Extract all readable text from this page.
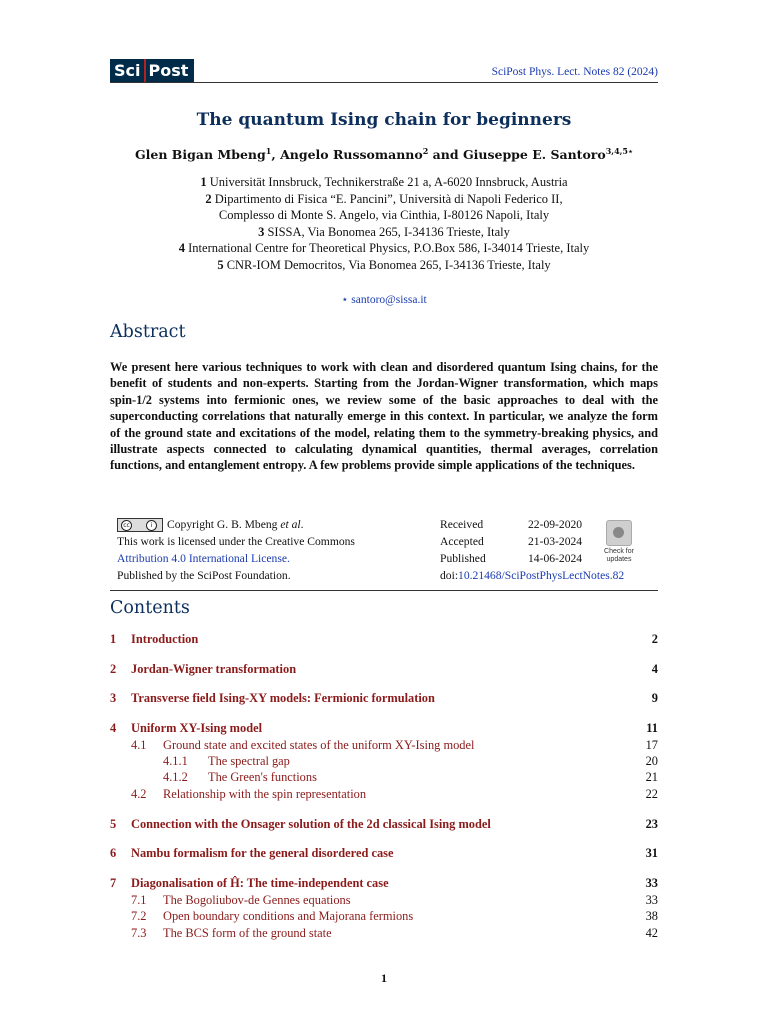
Sci Post	SciPost Phys. Lect. Notes 82 (2024)
The quantum Ising chain for beginners
Glen Bigan Mbeng$^1$, Angelo Russomanno$^2$ and Giuseppe E. Santoro$^{3,4,5⋆}$
1 Universität Innsbruck, Technikerstraße 21 a, A-6020 Innsbruck, Austria
2 Dipartimento di Fisica “E. Pancini”, Università di Napoli Federico II,
Complesso di Monte S. Angelo, via Cinthia, I-80126 Napoli, Italy
3 SISSA, Via Bonomea 265, I-34136 Trieste, Italy
4 International Centre for Theoretical Physics, P.O.Box 586, I-34014 Trieste, Italy
5 CNR-IOM Democritos, Via Bonomea 265, I-34136 Trieste, Italy
⋆ santoro@sissa.it
Abstract
We present here various techniques to work with clean and disordered quantum Ising chains, for the benefit of students and non-experts. Starting from the Jordan-Wigner transformation, which maps spin-1/2 systems into fermionic ones, we review some of the basic approaches to deal with the superconducting correlations that naturally emerge in this context. In particular, we analyze the form of the ground state and excitations of the model, relating them to the symmetry-breaking physics, and illustrate aspects connected to calculating dynamical quantities, thermal averages, correlation functions, and entanglement entropy. A few problems provide simple applications of the techniques.
cc	i	Copyright G. B. Mbeng et al.
This work is licensed under the Creative Commons
Attribution 4.0 International License.
Published by the SciPost Foundation.
Received	22-09-2020
Accepted	21-03-2024
Published	14-06-2024
doi:10.21468/SciPostPhysLectNotes.82	
Check for
updates
Contents
1 Introduction	2
2 Jordan-Wigner transformation	4
3 Transverse field Ising-XY models: Fermionic formulation	9
4 Uniform XY-Ising model	11
4.1 Ground state and excited states of the uniform XY-Ising model	17
4.1.1 The spectral gap	20
4.1.2 The Green's functions	21
4.2 Relationship with the spin representation	22
5 Connection with the Onsager solution of the 2d classical Ising model	23
6 Nambu formalism for the general disordered case	31
7 Diagonalisation of Ĥ: The time-independent case	33
7.1 The Bogoliubov-de Gennes equations	33
7.2 Open boundary conditions and Majorana fermions	38
7.3 The BCS form of the ground state	42
1
